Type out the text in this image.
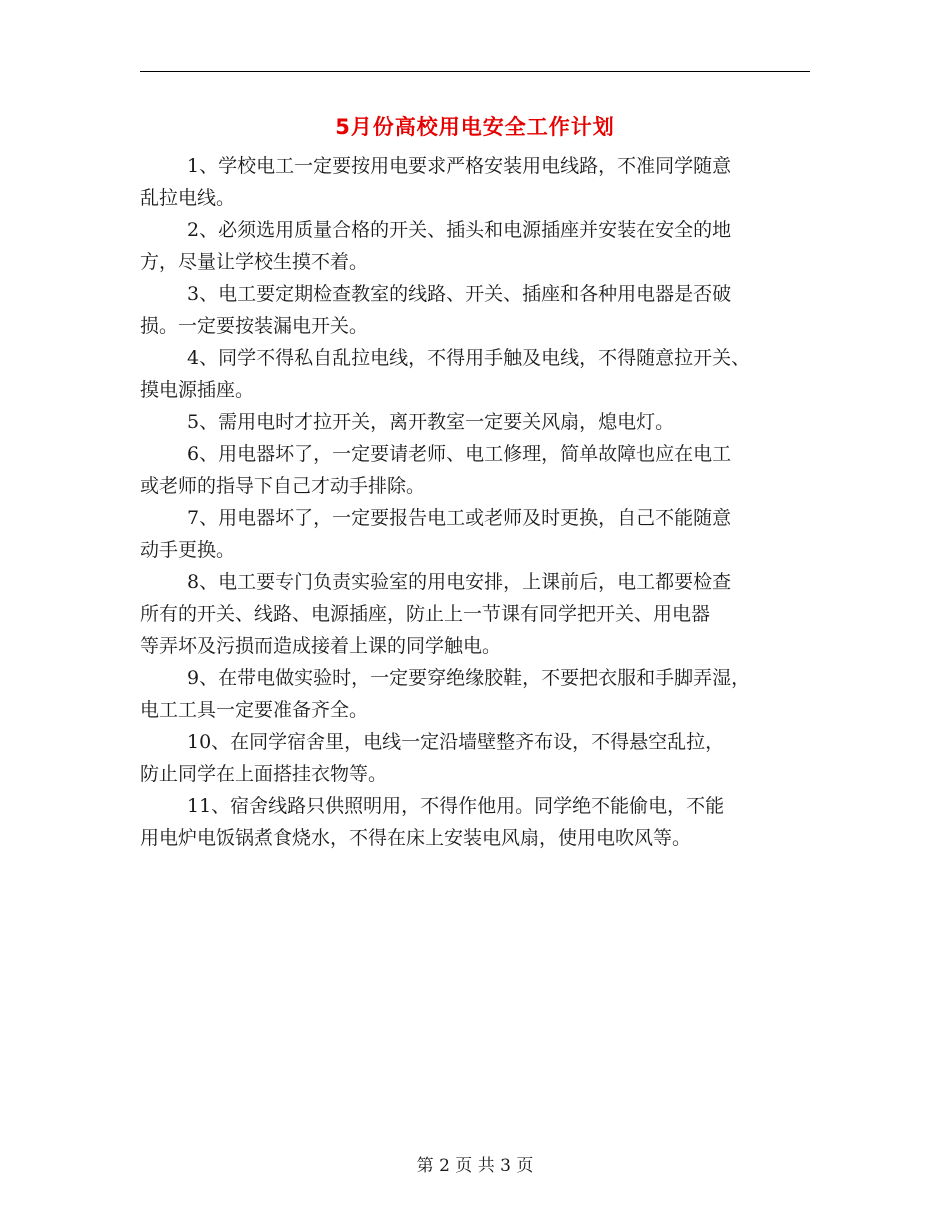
5月份高校用电安全工作计划

1、学校电工一定要按用电要求严格安装用电线路，不准同学随意
乱拉电线。

2、必须选用质量合格的开关、插头和电源插座并安装在安全的地
方，尽量让学校生摸不着。

3、电工要定期检查教室的线路、开关、插座和各种用电器是否破
损。一定要按装漏电开关。

4、同学不得私自乱拉电线，不得用手触及电线，不得随意拉开关、
摸电源插座。

5、需用电时才拉开关，离开教室一定要关风扇，熄电灯。

6、用电器坏了，一定要请老师、电工修理，简单故障也应在电工
或老师的指导下自己才动手排除。

7、用电器坏了，一定要报告电工或老师及时更换，自己不能随意
动手更换。

8、电工要专门负责实验室的用电安排，上课前后，电工都要检查
所有的开关、线路、电源插座，防止上一节课有同学把开关、用电器
等弄坏及污损而造成接着上课的同学触电。

9、在带电做实验时，一定要穿绝缘胶鞋，不要把衣服和手脚弄湿，
电工工具一定要准备齐全。

10、在同学宿舍里，电线一定沿墙壁整齐布设，不得悬空乱拉，
防止同学在上面搭挂衣物等。

11、宿舍线路只供照明用，不得作他用。同学绝不能偷电，不能
用电炉电饭锅煮食烧水，不得在床上安装电风扇，使用电吹风等。

第 2 页 共 3 页
